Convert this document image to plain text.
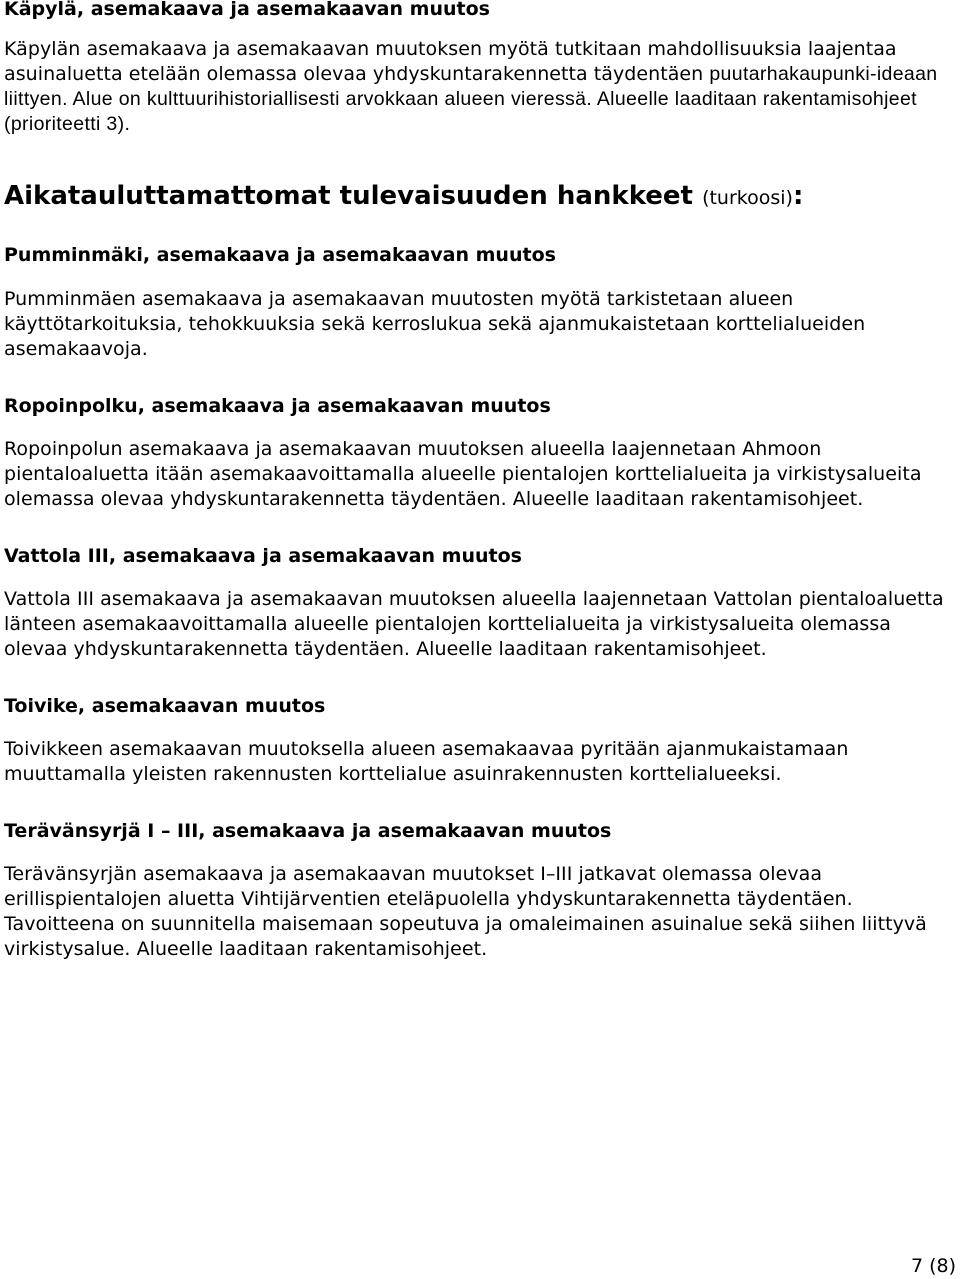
Käpylä, asemakaava ja asemakaavan muutos

Käpylän asemakaava ja asemakaavan muutoksen myötä tutkitaan mahdollisuuksia laajentaa asuinaluetta etelään olemassa olevaa yhdyskuntarakennetta täydentäen puutarhakaupunki-ideaan liittyen. Alue on kulttuurihistoriallisesti arvokkaan alueen vieressä. Alueelle laaditaan rakentamisohjeet (prioriteetti 3).

Aikatauluttamattomat tulevaisuuden hankkeet (turkoosi):
Pumminmäki, asemakaava ja asemakaavan muutos

Pumminmäen asemakaava ja asemakaavan muutosten myötä tarkistetaan alueen käyttötarkoituksia, tehokkuuksia sekä kerroslukua sekä ajanmukaistetaan korttelialueiden asemakaavoja.

Ropoinpolku, asemakaava ja asemakaavan muutos

Ropoinpolun asemakaava ja asemakaavan muutoksen alueella laajennetaan Ahmoon pientaloaluetta itään asemakaavoittamalla alueelle pientalojen korttelialueita ja virkistysalueita olemassa olevaa yhdyskuntarakennetta täydentäen. Alueelle laaditaan rakentamisohjeet.

Vattola III, asemakaava ja asemakaavan muutos

Vattola III asemakaava ja asemakaavan muutoksen alueella laajennetaan Vattolan pientaloaluetta länteen asemakaavoittamalla alueelle pientalojen korttelialueita ja virkistysalueita olemassa olevaa yhdyskuntarakennetta täydentäen. Alueelle laaditaan rakentamisohjeet.

Toivike, asemakaavan muutos

Toivikkeen asemakaavan muutoksella alueen asemakaavaa pyritään ajanmukaistamaan muuttamalla yleisten rakennusten korttelialue asuinrakennusten korttelialueeksi.

Terävänsyrjä I – III, asemakaava ja asemakaavan muutos

Terävänsyrjän asemakaava ja asemakaavan muutokset I–III jatkavat olemassa olevaa erillispientalojen aluetta Vihtijärventien eteläpuolella yhdyskuntarakennetta täydentäen. Tavoitteena on suunnitella maisemaan sopeutuva ja omaleimainen asuinalue sekä siihen liittyvä virkistysalue. Alueelle laaditaan rakentamisohjeet.

7 (8)
